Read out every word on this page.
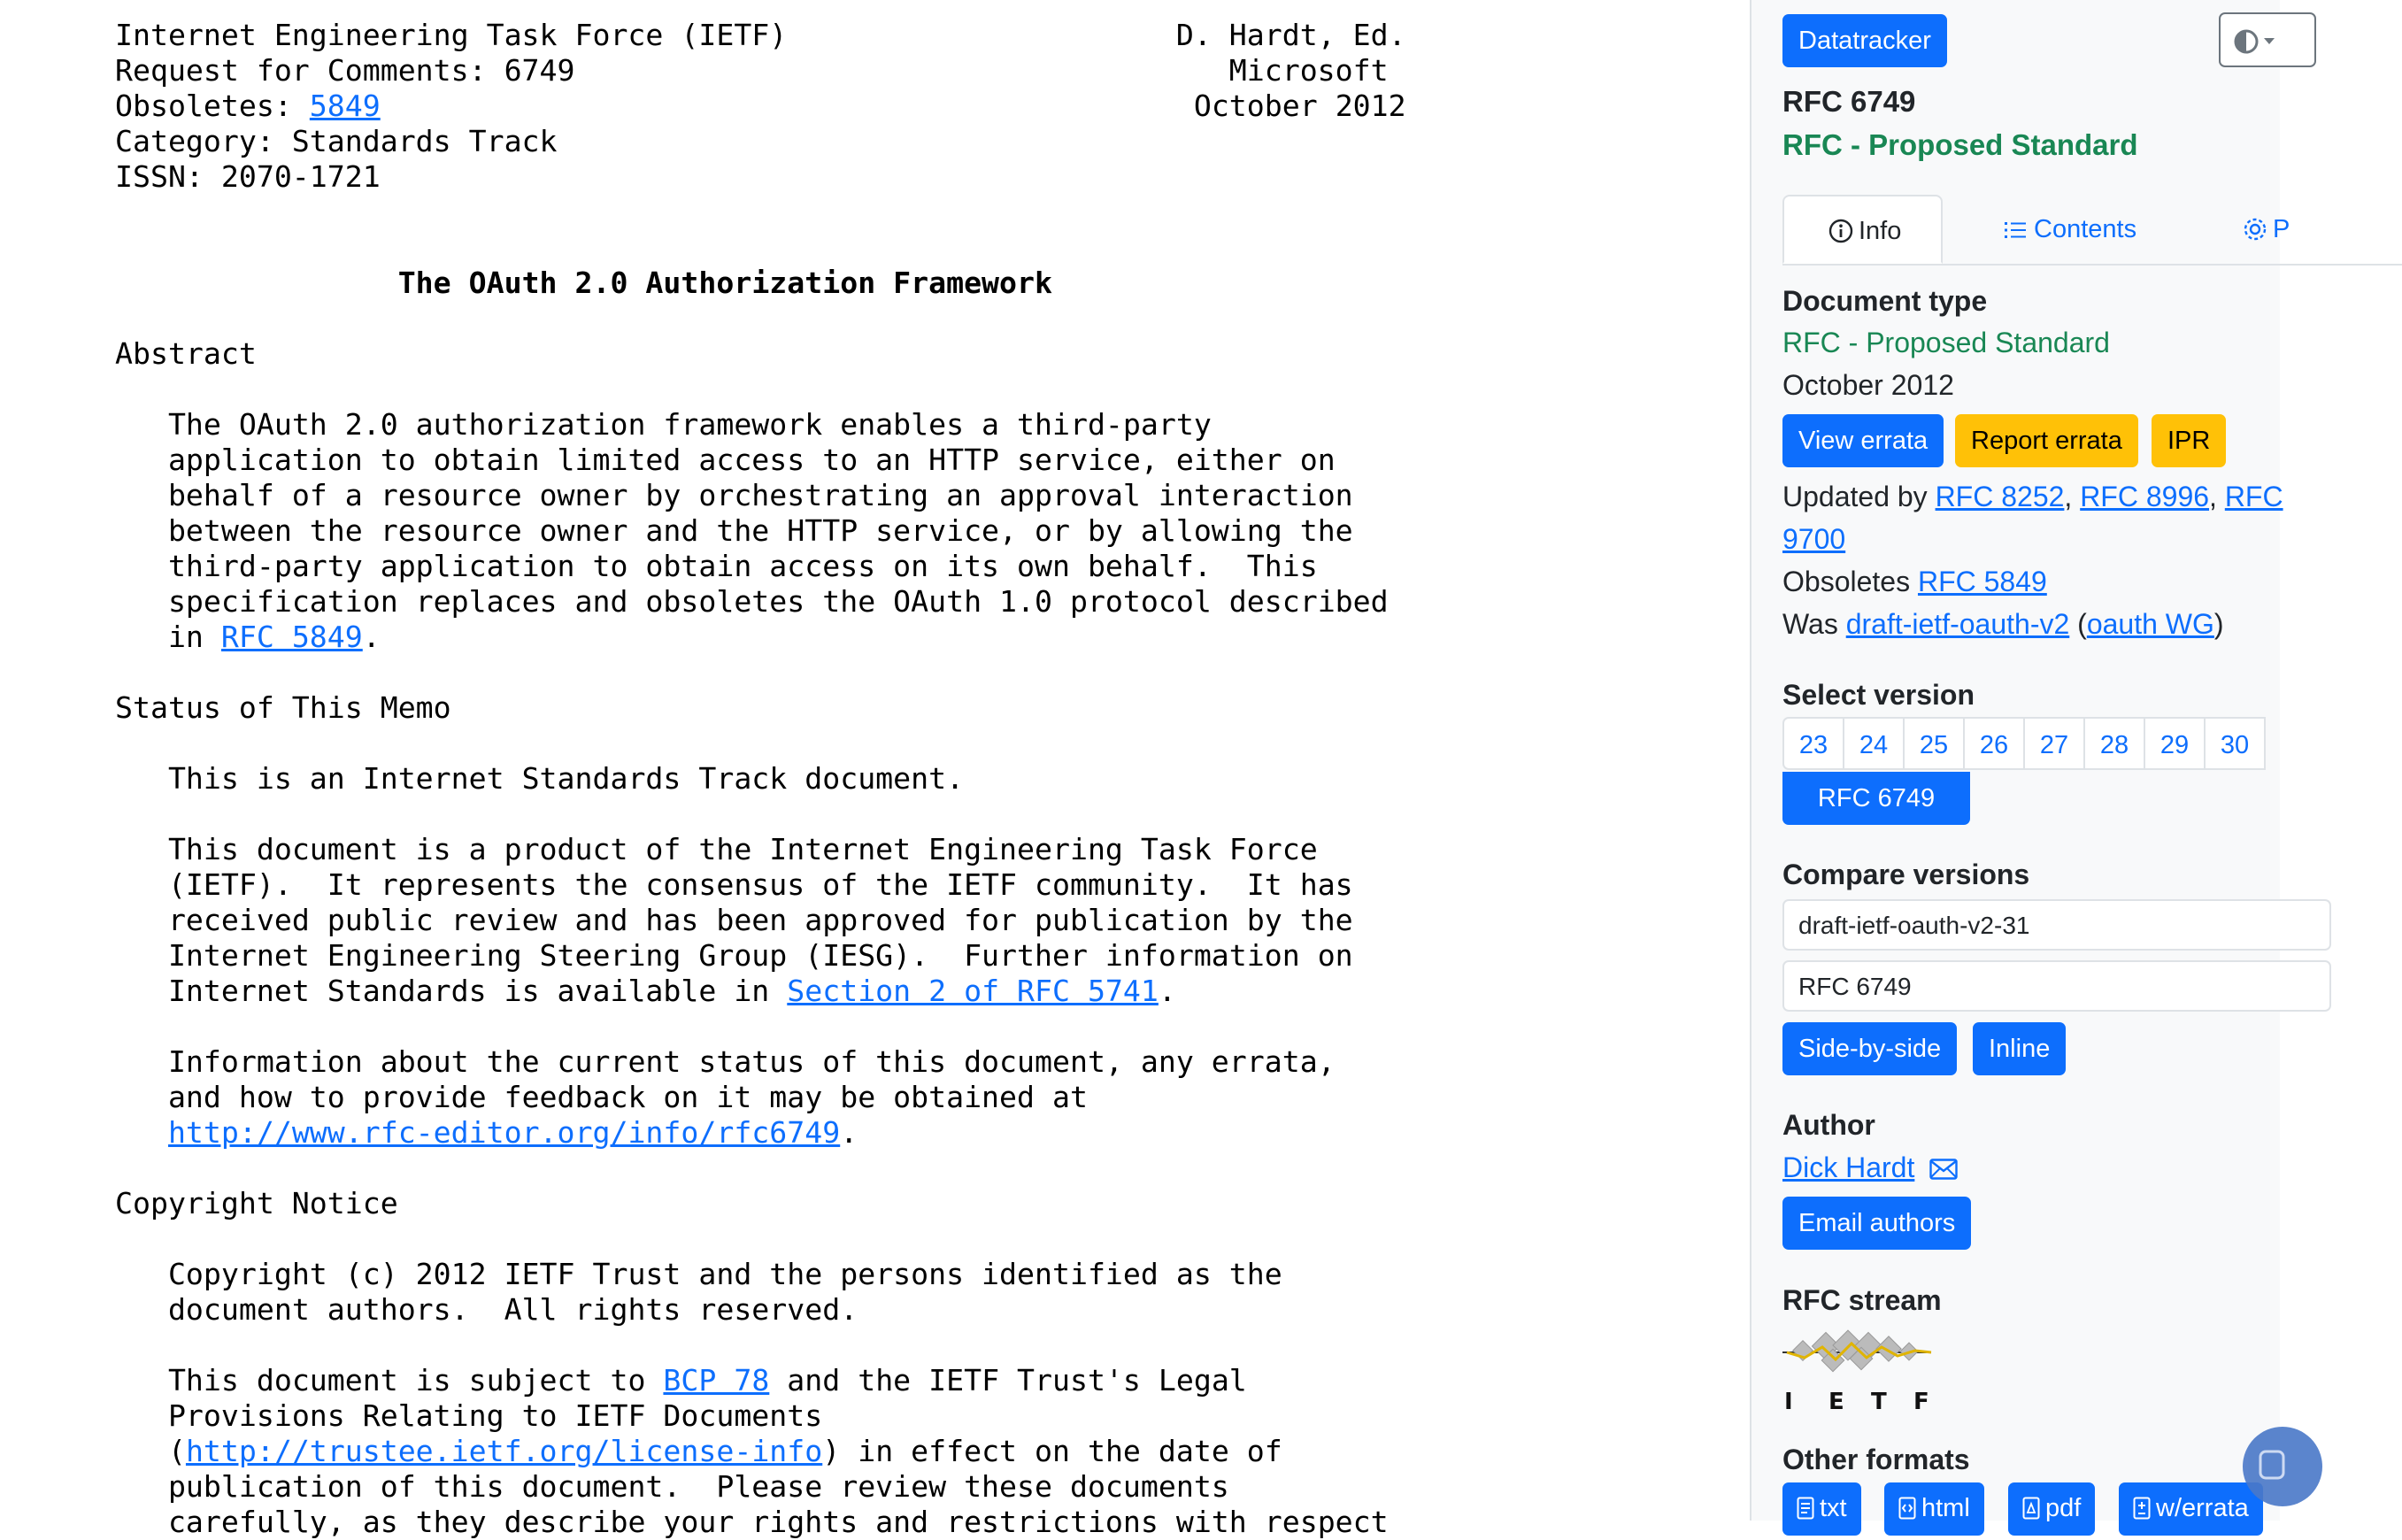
Internet Engineering Task Force (IETF)	D. Hardt, Ed.
Request for Comments: 6749	Microsoft
Obsoletes: 5849	October 2012
Category: Standards Track
ISSN: 2070-1721

The OAuth 2.0 Authorization Framework

Abstract

The OAuth 2.0 authorization framework enables a third-party
application to obtain limited access to an HTTP service, either on
behalf of a resource owner by orchestrating an approval interaction
between the resource owner and the HTTP service, or by allowing the
third-party application to obtain access on its own behalf.  This
specification replaces and obsoletes the OAuth 1.0 protocol described
in RFC 5849.

Status of This Memo

This is an Internet Standards Track document.

This document is a product of the Internet Engineering Task Force
(IETF).  It represents the consensus of the IETF community.  It has
received public review and has been approved for publication by the
Internet Engineering Steering Group (IESG).  Further information on
Internet Standards is available in Section 2 of RFC 5741.

Information about the current status of this document, any errata,
and how to provide feedback on it may be obtained at
http://www.rfc-editor.org/info/rfc6749.

Copyright Notice

Copyright (c) 2012 IETF Trust and the persons identified as the
document authors.  All rights reserved.

This document is subject to BCP 78 and the IETF Trust's Legal
Provisions Relating to IETF Documents
(http://trustee.ietf.org/license-info) in effect on the date of
publication of this document.  Please review these documents
carefully, as they describe your rights and restrictions with respect
Datatracker
RFC 6749
RFC - Proposed Standard
Info	Contents	P
Document type
RFC - Proposed Standard
October 2012
View errata	Report errata	IPR
Updated by RFC 8252, RFC 8996, RFC
9700
Obsoletes RFC 5849
Was draft-ietf-oauth-v2 (oauth WG)
Select version
23	24	25	26	27	28	29	30
RFC 6749
Compare versions
draft-ietf-oauth-v2-31
RFC 6749
Side-by-side	Inline
Author
Dick Hardt
Email authors
RFC stream
I E T F
Other formats
txt	html	pdf	w/errata
